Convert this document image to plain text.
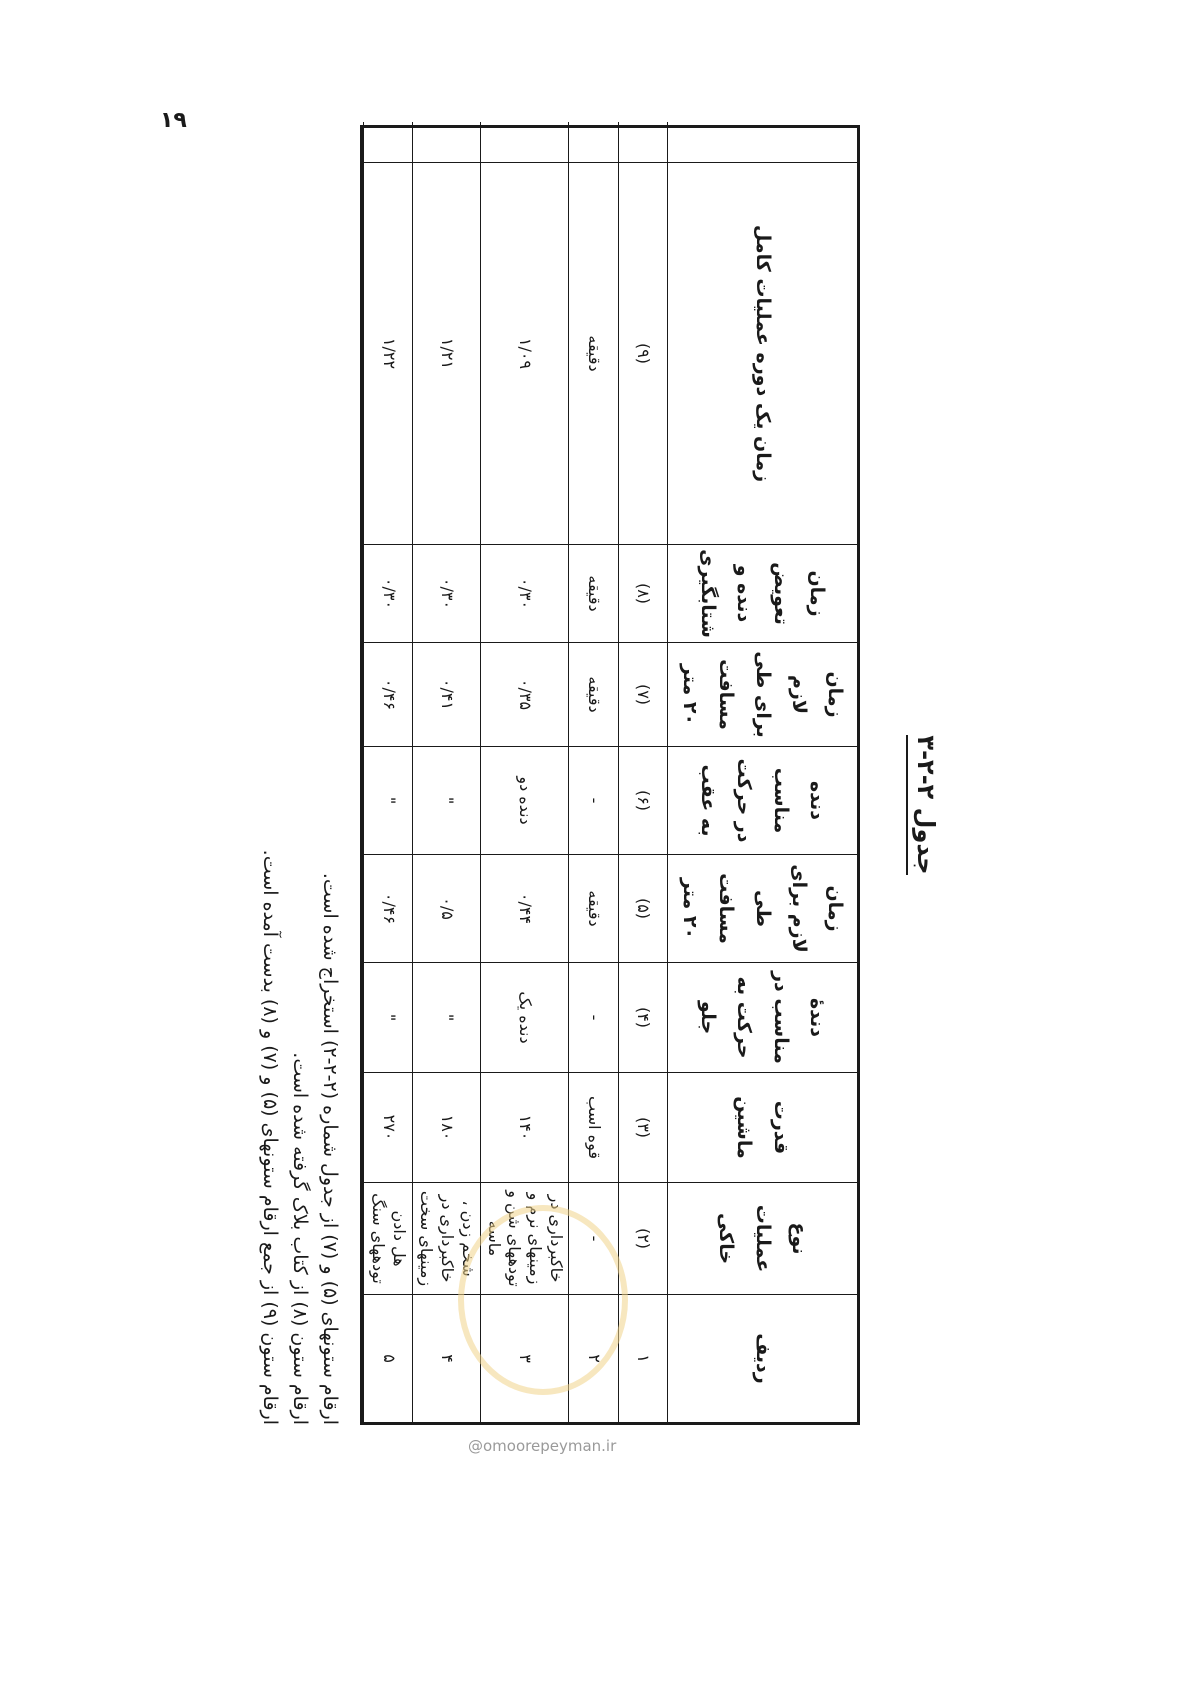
۱۹
جدول ۲-۲-۳
ردیف
نوع عملیات خاکی
قدرت ماشین
دندهٔ مناسب در حرکت به جلو
زمان لازم برای طی مسافت ۲۰ متر
دنده مناسب در حرکت به عقب
زمان لازم برای طی مسافت ۲۰ متر
زمان تعویض دنده و شتابگیری
زمان یک دوره عملیات کامل
۱
(۲)
(۳)
(۴)
(۵)
(۶)
(۷)
(۸)
(۹)
۲
-
قوه اسب
-
دقیقه
-
دقیقه
دقیقه
دقیقه
۳
خاکبرداری در زمینهای نرم و تودههای شن و ماسه
۱۴۰
دنده یک
۰/۴۴
دنده دو
۰/۳۵
۰/۳۰
۱/۰۹
۴
شخم زدن ، خاکبرداری در زمینهای سخت
۱۸۰
"
۰/۵
"
۰/۴۱
۰/۳۰
۱/۲۱
۵
هل دادن تودههای سنگ
۲۷۰
"
۰/۴۶
"
۰/۴۶
۰/۳۰
۱/۲۲
ارقام ستونهای (۵) و (۷) از جدول شماره (۲-۲-۲) استخراج شده است.
ارقام ستون (۸) از کتاب بلاک گرفته شده است.
ارقام ستون (۹) از جمع ارقام ستونهای (۵) و (۷) و (۸) بدست آمده است.
@omoorepeyman.ir
